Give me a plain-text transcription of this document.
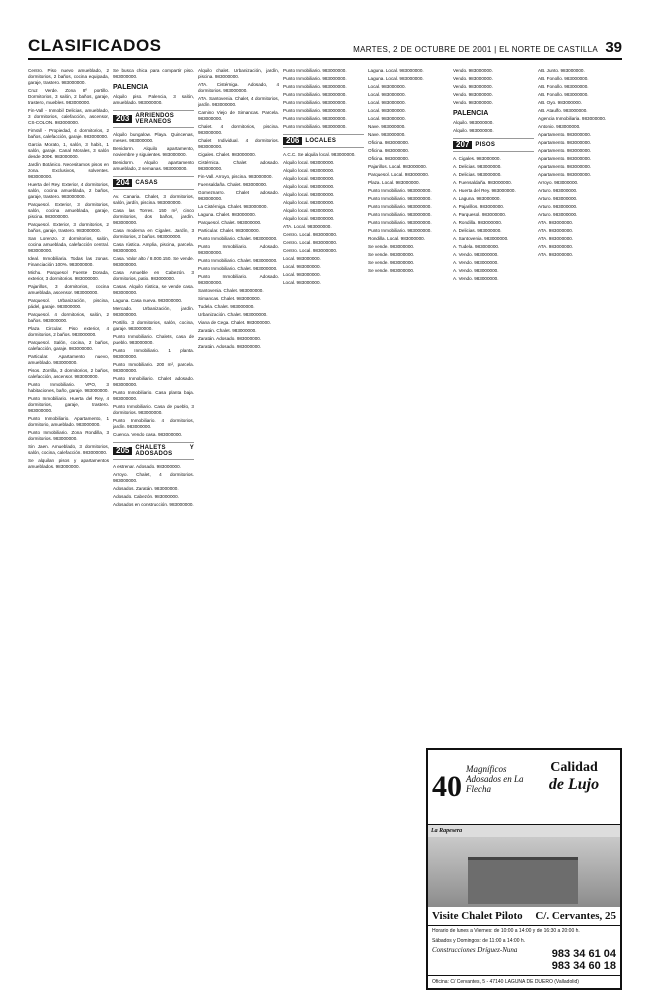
CLASIFICADOS	MARTES, 2 DE OCTUBRE DE 2001 | EL NORTE DE CASTILLA 39

Centro. Piso nuevo amueblado, 2 dormitorios, 2 baños, cocina equipada, garaje, trastero. 983000000.

Cruz Verde. Zona 8º portillo. Dormitorios, 3 salón, 2 baños, garaje, trastero, muebles. 983000000.

Fin-Vall - Inmobil Delicias, amueblado, 3 dormitorios, calefacción, ascensor, CS-COLON. 983000000.

FinVall - Propiedad, 4 dormitorios, 2 baños, calefacción, garaje. 983000000.

Garcia Morato, 1, salón, 3 habit., 1 salón, garaje. Canal Morales, 3 salón desde 300€. 983000000.

Jardín Botánico. Necesitamos pisos en zona. Exclusivos, solventes. 983000000.

Huerta del Rey. Exterior, 4 dormitorios, salón, cocina amueblada, 2 baños, garaje, trastero. 983000000.

Parquesol. Exterior, 3 dormitorios, salón, cocina amueblada, garaje, piscina. 983000000.

Parquesol. Exterior, 3 dormitorios, 2 baños, garaje, trastero. 983000000.

San Lorenzo. 2 dormitorios, salón, cocina amueblada, calefacción central. 983000000.

Ideal. Inmobiliaria. Todas las zonas. Financiación 100%. 983000000.

Michu. Parquesol Fuente Dorada, exterior, 3 dormitorios. 983000000.

Pajarillos, 3 dormitorios, cocina amueblada, ascensor. 983000000.

Parquesol. Urbanización, piscina, pádel, garaje. 983000000.

Parquesol. 4 dormitorios, salón, 2 baños. 983000000.

Plaza Circular. Piso exterior, 4 dormitorios, 2 baños. 983000000.

Parquesol. Salón, cocina, 2 baños, calefacción, garaje. 983000000.

Particular. Apartamento nuevo, amueblado. 983000000.

Pisos. Zorrilla, 3 dormitorios, 2 baños, calefacción, ascensor. 983000000.

Punto Inmobiliario. VPO, 3 habitaciones, baño, garaje. 983000000.

Punto Inmobiliario. Huerta del Rey, 4 dormitorios, garaje, trastero. 983000000.

Punto Inmobiliario. Apartamento, 1 dormitorio, amueblado. 983000000.

Punto Inmobiliario. Zona Rondilla, 3 dormitorios. 983000000.

Sin Jaen. Amueblado, 3 dormitorios, salón, cocina, calefacción. 983000000.

Se alquilan pisos y apartamentos amueblados. 983000000.

Se busca chica para compartir piso. 983000000.

PALENCIA

Alquilo piso. Palencia, 3 salón, amueblado. 983000000.

203	ARRIENDOS VERANEOS

Alquilo bungalow. Playa. Quincenas, meses. 983000000.

Benidorm. Alquilo apartamento, noviembre y siguientes. 983000000.

Benidorm. Alquilo apartamento amueblado, 2 semanas. 983000000.

204	CASAS

Av. Canaria. Chalet, 3 dormitorios, salón, jardín, piscina. 983000000.

Casa las Torres. 150 m², cinco dormitorios, dos baños, jardín. 983000000.

Casa moderna en Cigales. Jardín, 3 dormitorios, 2 baños. 983000000.

Casa rústica. Amplia, piscina, parcela. 983000000.

Casa. Valor alto / 8.000.150. Se vende. 983000000.

Casa Amueble en Cabezón. 3 dormitorios, patio. 983000000.

Casas. Alquilo rústica, se vende casa. 983000000.

Laguna. Casa nueva. 983000000.

Mercado. Urbanización, jardín. 983000000.

Portillo. 3 dormitorios, salón, cocina, garaje. 983000000.

Punto Inmobiliario. Chalets, casa de pueblo. 983000000.

Punto Inmobiliario. 1 planta. 983000000.

Punto Inmobiliario. 200 m², parcela. 983000000.

Punto Inmobiliario. Chalet adosado. 983000000.

Punto Inmobiliario. Casa planta baja. 983000000.

Punto Inmobiliario. Casa de pueblo, 3 dormitorios. 983000000.

Punto Inmobiliario. 4 dormitorios, jardín. 983000000.

Cuenca. Vendo casa. 983000000.

205	CHALETS Y ADOSADOS

A estrenar. Adosado. 983000000.

Arroyo. Chalet, 4 dormitorios. 983000000.

Adosados. Zaratán. 983000000.

Adosado. Cabezón. 983000000.

Adosados en construcción. 983000000.

Alquilo chalet. Urbanización, jardín, piscina. 983000000.

ATA. Cistérniga. Adosado, 4 dormitorios. 983000000.

ATA. Santovenia. Chalet, 4 dormitorios, jardín. 983000000.

Camino Viejo de Simancas. Parcela. 983000000.

Chalet. 4 dormitorios, piscina. 983000000.

Chalet Individual. 4 dormitorios. 983000000.

Cigales. Chalet. 983000000.

Cistérnica. Chalet adosado. 983000000.

Fin-Vall. Arroyo, piscina. 983000000.

Fuensaldaña. Chalet. 983000000.

Gomeznarro. Chalet adosado. 983000000.

La Cistérniga. Chalet. 983000000.

Laguna. Chalet. 983000000.

Parquesol. Chalet. 983000000.

Particular. Chalet. 983000000.

Punto Inmobiliario. Chalet. 983000000.

Punto Inmobiliario. Adosado. 983000000.

Punto Inmobiliario. Chalet. 983000000.

Punto Inmobiliario. Chalet. 983000000.

Punto Inmobiliario. Adosado. 983000000.

Santovenia. Chalet. 983000000.

Simancas. Chalet. 983000000.

Tudela. Chalet. 983000000.

Urbanización. Chalet. 983000000.

Viana de Cega. Chalet. 983000000.

Zaratán. Chalet. 983000000.

Zaratán. Adosado. 983000000.

Zaratán. Adosado. 983000000.

Punto Inmobiliario. 983000000.

Punto Inmobiliario. 983000000.

Punto Inmobiliario. 983000000.

Punto Inmobiliario. 983000000.

Punto Inmobiliario. 983000000.

Punto Inmobiliario. 983000000.

Punto Inmobiliario. 983000000.

Punto Inmobiliario. 983000000.

206	LOCALES

A.C.C. Se alquila local. 983000000.

Alquilo local. 983000000.

Alquilo local. 983000000.

Alquilo local. 983000000.

Alquilo local. 983000000.

Alquilo local. 983000000.

Alquilo local. 983000000.

Alquilo local. 983000000.

Alquilo local. 983000000.

ATA. Local. 983000000.

Centro. Local. 983000000.

Centro. Local. 983000000.

Centro. Local. 983000000.

Local. 983000000.

Local. 983000000.

Local. 983000000.

Local. 983000000.

Laguna. Local. 983000000.

Laguna. Local. 983000000.

Local. 983000000.

Local. 983000000.

Local. 983000000.

Local. 983000000.

Local. 983000000.

Nave. 983000000.

Nave. 983000000.

Oficina. 983000000.

Oficina. 983000000.

Oficina. 983000000.

Pajarillos. Local. 983000000.

Parquesol. Local. 983000000.

Plaza. Local. 983000000.

Punto Inmobiliario. 983000000.

Punto Inmobiliario. 983000000.

Punto Inmobiliario. 983000000.

Punto Inmobiliario. 983000000.

Punto Inmobiliario. 983000000.

Punto Inmobiliario. 983000000.

Rondilla. Local. 983000000.

Se vende. 983000000.

Se vende. 983000000.

Se vende. 983000000.

Se vende. 983000000.

Vendo. 983000000.

Vendo. 983000000.

Vendo. 983000000.

Vendo. 983000000.

Vendo. 983000000.

PALENCIA

Alquilo. 983000000.

Alquilo. 983000000.

207	PISOS

A. Cigales. 983000000.

A. Delicias. 983000000.

A. Delicias. 983000000.

A. Fuensaldaña. 983000000.

A. Huerta del Rey. 983000000.

A. Laguna. 983000000.

A. Pajarillos. 983000000.

A. Parquesol. 983000000.

A. Rondilla. 983000000.

A. Delicias. 983000000.

A. Santovenia. 983000000.

A. Tudela. 983000000.

A. Vendo. 983000000.

A. Vendo. 983000000.

A. Vendo. 983000000.

A. Vendo. 983000000.

AB. Junto. 983000000.

AB. Fonollo. 983000000.

AB. Fonollo. 983000000.

AB. Fonollo. 983000000.

AB. Oyo. 983000000.

AB. Ataulfo. 983000000.

Agencia Inmobiliaria. 983000000.

Antonio. 983000000.

Apartamento. 983000000.

Apartamento. 983000000.

Apartamento. 983000000.

Apartamento. 983000000.

Apartamento. 983000000.

Apartamento. 983000000.

Arroyo. 983000000.

Arturo. 983000000.

Arturo. 983000000.

Arturo. 983000000.

Arturo. 983000000.

ATA. 983000000.

ATA. 983000000.

ATA. 983000000.

ATA. 983000000.

ATA. 983000000.

40
Magníficos Adosados en La Flecha
Calidad
de Lujo
La Rapesera
Visite Chalet Piloto C/. Cervantes, 25
Horario de lunes a Viernes: de 10:00 a 14:00 y de 16:30 a 20:00 h.
Sábados y Domingos: de 11:00 a 14:00 h.
Construcciones Dríguez-Nuna	983 34 61 04
983 34 60 18
Oficina: C/ Cervantes, 5 - 47140 LAGUNA DE DUERO (Valladolid)
